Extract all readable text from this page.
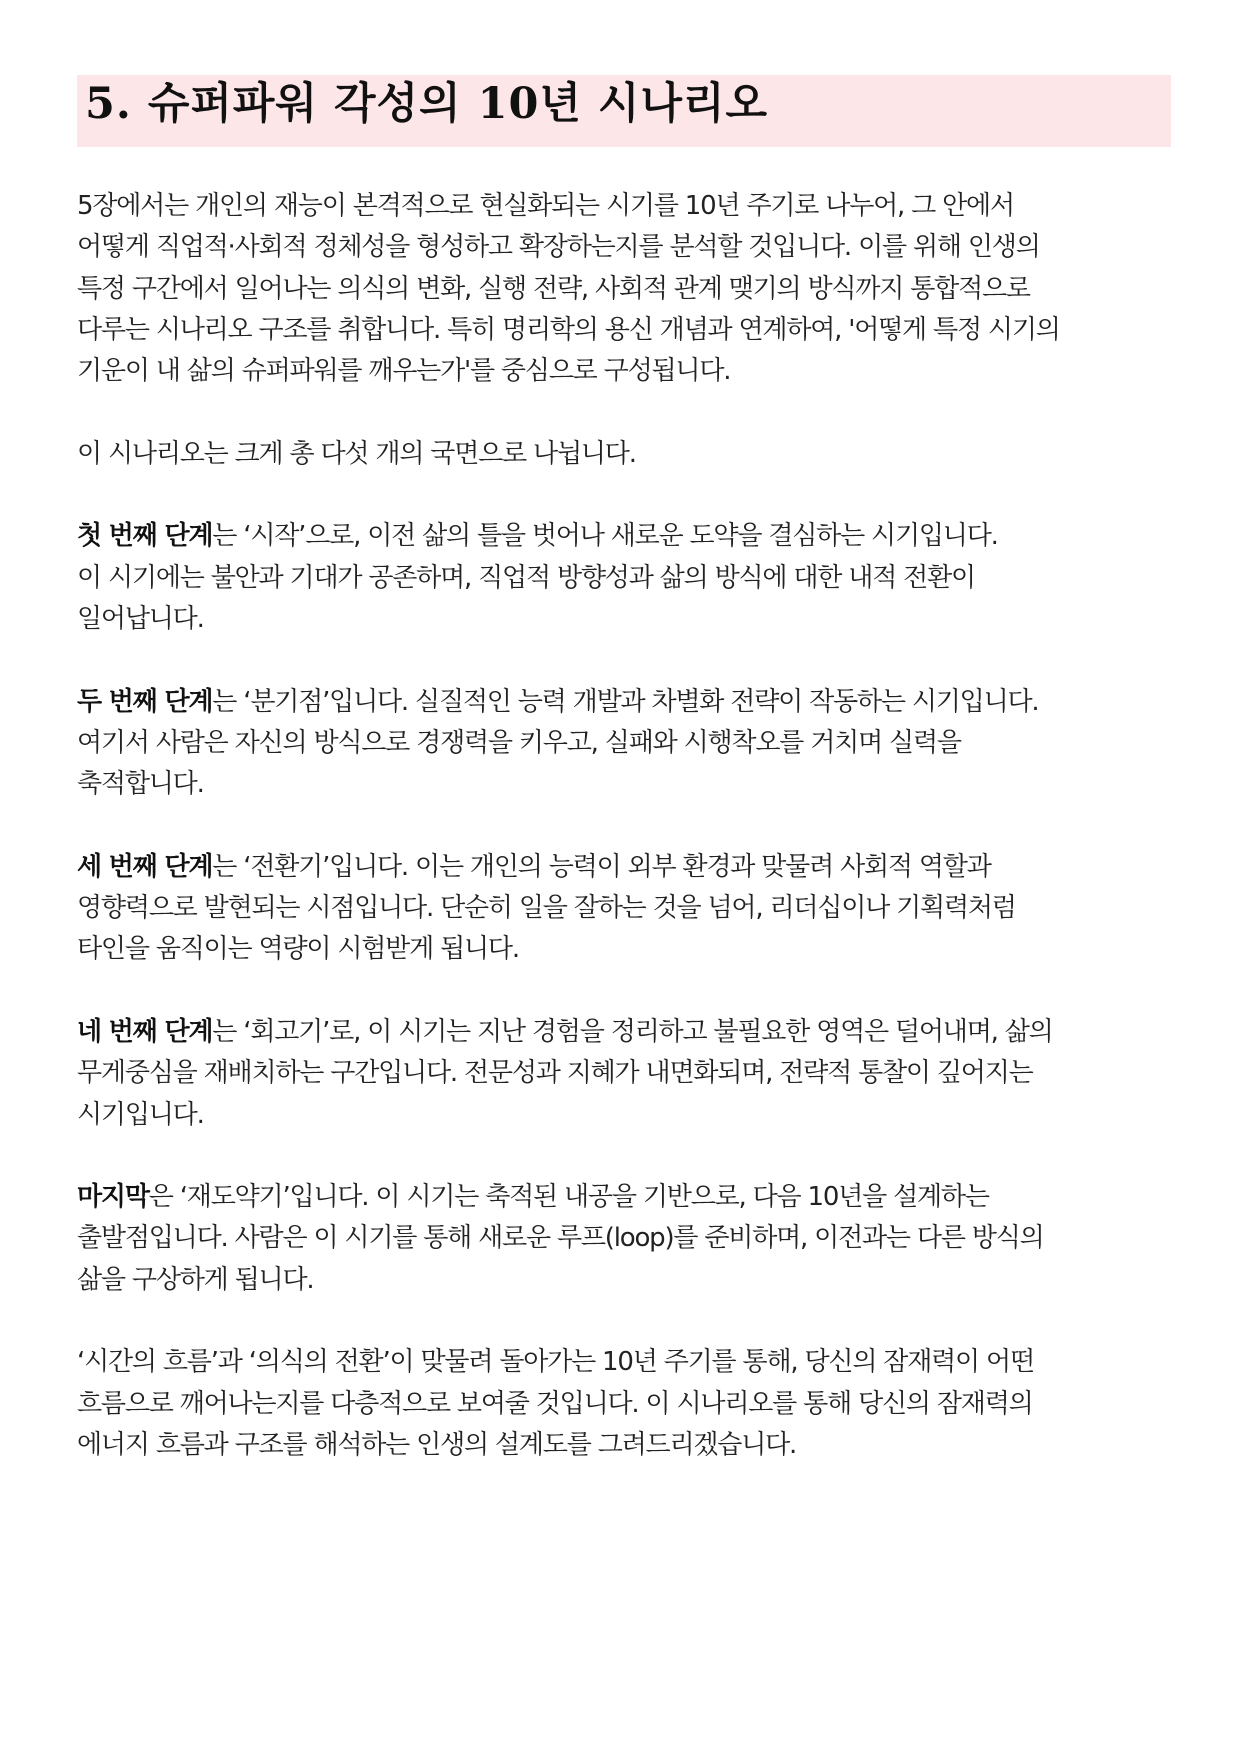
5. 슈퍼파워 각성의 10년 시나리오

5장에서는 개인의 재능이 본격적으로 현실화되는 시기를 10년 주기로 나누어, 그 안에서
어떻게 직업적·사회적 정체성을 형성하고 확장하는지를 분석할 것입니다. 이를 위해 인생의
특정 구간에서 일어나는 의식의 변화, 실행 전략, 사회적 관계 맺기의 방식까지 통합적으로
다루는 시나리오 구조를 취합니다. 특히 명리학의 용신 개념과 연계하여, '어떻게 특정 시기의
기운이 내 삶의 슈퍼파워를 깨우는가'를 중심으로 구성됩니다.

이 시나리오는 크게 총 다섯 개의 국면으로 나뉩니다.

첫 번째 단계는 ‘시작’으로, 이전 삶의 틀을 벗어나 새로운 도약을 결심하는 시기입니다.
이 시기에는 불안과 기대가 공존하며, 직업적 방향성과 삶의 방식에 대한 내적 전환이
일어납니다.

두 번째 단계는 ‘분기점’입니다. 실질적인 능력 개발과 차별화 전략이 작동하는 시기입니다.
여기서 사람은 자신의 방식으로 경쟁력을 키우고, 실패와 시행착오를 거치며 실력을
축적합니다.

세 번째 단계는 ‘전환기’입니다. 이는 개인의 능력이 외부 환경과 맞물려 사회적 역할과
영향력으로 발현되는 시점입니다. 단순히 일을 잘하는 것을 넘어, 리더십이나 기획력처럼
타인을 움직이는 역량이 시험받게 됩니다.

네 번째 단계는 ‘회고기’로, 이 시기는 지난 경험을 정리하고 불필요한 영역은 덜어내며, 삶의
무게중심을 재배치하는 구간입니다. 전문성과 지혜가 내면화되며, 전략적 통찰이 깊어지는
시기입니다.

마지막은 ‘재도약기’입니다. 이 시기는 축적된 내공을 기반으로, 다음 10년을 설계하는
출발점입니다. 사람은 이 시기를 통해 새로운 루프(loop)를 준비하며, 이전과는 다른 방식의
삶을 구상하게 됩니다.

‘시간의 흐름’과 ‘의식의 전환’이 맞물려 돌아가는 10년 주기를 통해, 당신의 잠재력이 어떤
흐름으로 깨어나는지를 다층적으로 보여줄 것입니다. 이 시나리오를 통해 당신의 잠재력의
에너지 흐름과 구조를 해석하는 인생의 설계도를 그려드리겠습니다.
